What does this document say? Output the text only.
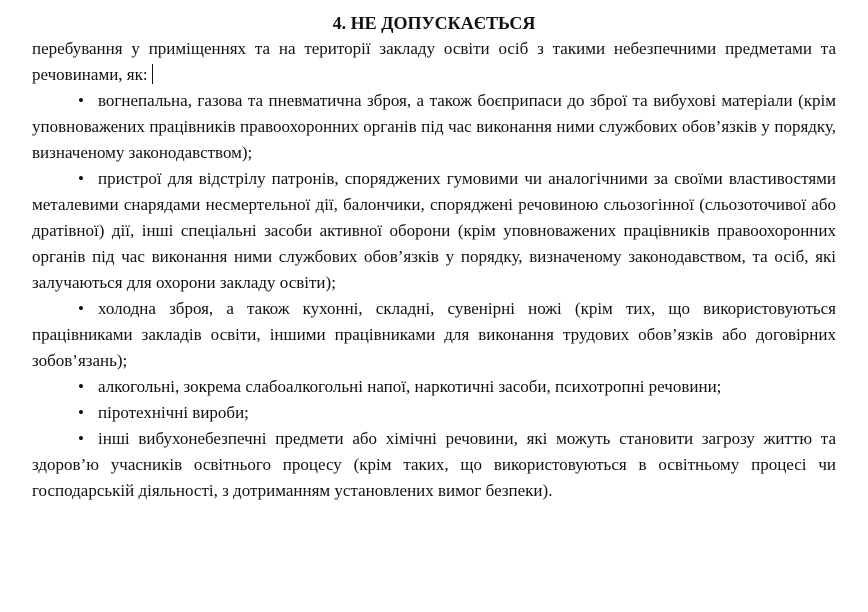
4. НЕ ДОПУСКАЄТЬСЯ

перебування у приміщеннях та на території закладу освіти осіб з такими небезпечними предметами та речовинами, як:

• вогнепальна, газова та пневматична зброя, а також боєприпаси до зброї та вибухові матеріали (крім уповноважених працівників правоохоронних органів під час виконання ними службових обов’язків у порядку, визначеному законодавством);

• пристрої для відстрілу патронів, споряджених гумовими чи аналогічними за своїми властивостями металевими снарядами несмертельної дії, балончики, споряджені речовиною сльозогінної (сльозоточивої або дратівної) дії, інші спеціальні засоби активної оборони (крім уповноважених працівників правоохоронних органів під час виконання ними службових обов’язків у порядку, визначеному законодавством, та осіб, які залучаються для охорони закладу освіти);

• холодна зброя, а також кухонні, складні, сувенірні ножі (крім тих, що використовуються працівниками закладів освіти, іншими працівниками для виконання трудових обов’язків або договірних зобов’язань);

• алкогольні, зокрема слабоалкогольні напої, наркотичні засоби, психотропні речовини;

• піротехнічні вироби;

• інші вибухонебезпечні предмети або хімічні речовини, які можуть становити загрозу життю та здоров’ю учасників освітнього процесу (крім таких, що використовуються в освітньому процесі чи господарській діяльності, з дотриманням установлених вимог безпеки).
